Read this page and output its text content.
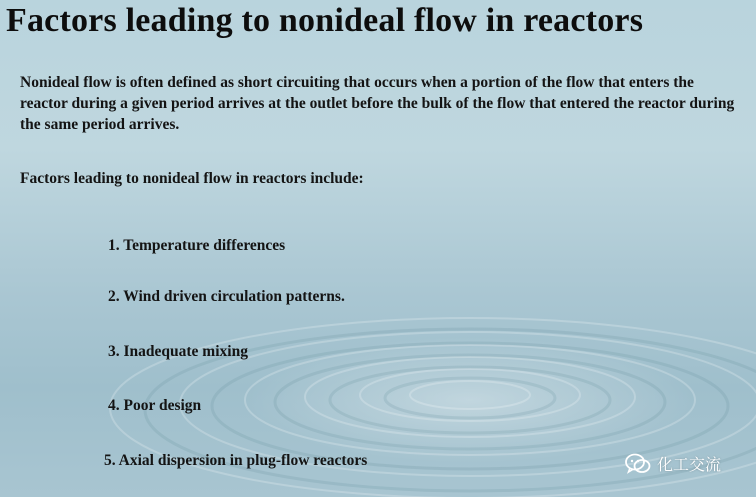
Factors leading to nonideal flow in reactors

Nonideal flow is often defined as short circuiting that occurs when a portion of the flow that enters the reactor during a given period arrives at the outlet before the bulk of the flow that entered the reactor during the same period arrives.

Factors leading to nonideal flow in reactors include:

1. Temperature differences

2. Wind driven circulation patterns.

3. Inadequate mixing

4. Poor design

5. Axial dispersion in plug-flow reactors	化工交流
